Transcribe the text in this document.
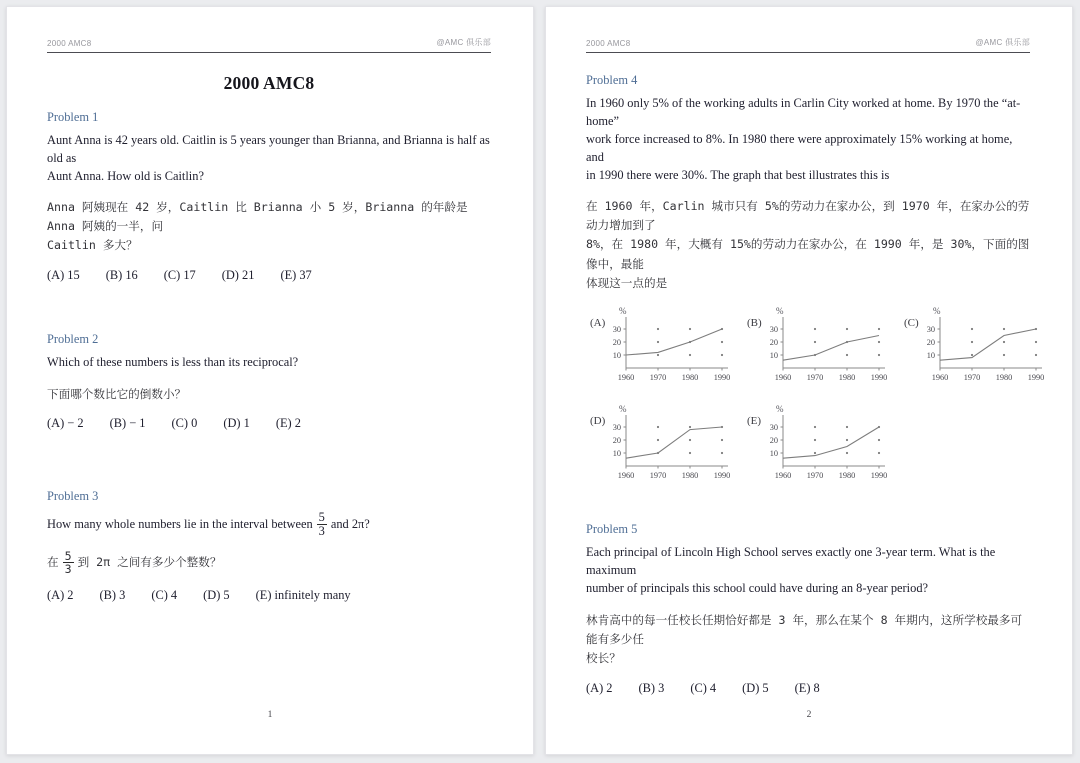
2000 AMC8	@AMC 俱乐部
2000 AMC8
Problem 1

Aunt Anna is 42 years old. Caitlin is 5 years younger than Brianna, and Brianna is half as old as
Aunt Anna. How old is Caitlin?

Anna 阿姨现在 42 岁，Caitlin 比 Brianna 小 5 岁，Brianna 的年龄是 Anna 阿姨的一半，问
Caitlin 多大？

(A) 15 (B) 16 (C) 17 (D) 21 (E) 37
Problem 2

Which of these numbers is less than its reciprocal?

下面哪个数比它的倒数小？

(A) − 2 (B) − 1 (C) 0 (D) 1 (E) 2
Problem 3

How many whole numbers lie in the interval between $\frac{5}{3}$ and 2π?

在 $\frac{5}{3}$ 到 2π 之间有多少个整数？

(A) 2 (B) 3 (C) 4 (D) 5 (E) infinitely many
1
2000 AMC8	@AMC 俱乐部
Problem 4

In 1960 only 5% of the working adults in Carlin City worked at home. By 1970 the “at-home”
work force increased to 8%. In 1980 there were approximately 15% working at home, and
in 1990 there were 30%. The graph that best illustrates this is

在 1960 年，Carlin 城市只有 5%的劳动力在家办公，到 1970 年，在家办公的劳动力增加到了
8%，在 1980 年，大概有 15%的劳动力在家办公，在 1990 年，是 30%，下面的图像中，最能
体现这一点的是

(A)
%
10
20
30
1960 1970 1980 1990
(B)
%
10
20
30
1960 1970 1980 1990
(C)
%
10
20
30
1960 1970 1980 1990
(D)
%
10
20
30
1960 1970 1980 1990
(E)
%
10
20
30
1960 1970 1980 1990
Problem 5

Each principal of Lincoln High School serves exactly one 3-year term. What is the maximum
number of principals this school could have during an 8-year period?

林肯高中的每一任校长任期恰好都是 3 年，那么在某个 8 年期内，这所学校最多可能有多少任
校长？

(A) 2 (B) 3 (C) 4 (D) 5 (E) 8
2
